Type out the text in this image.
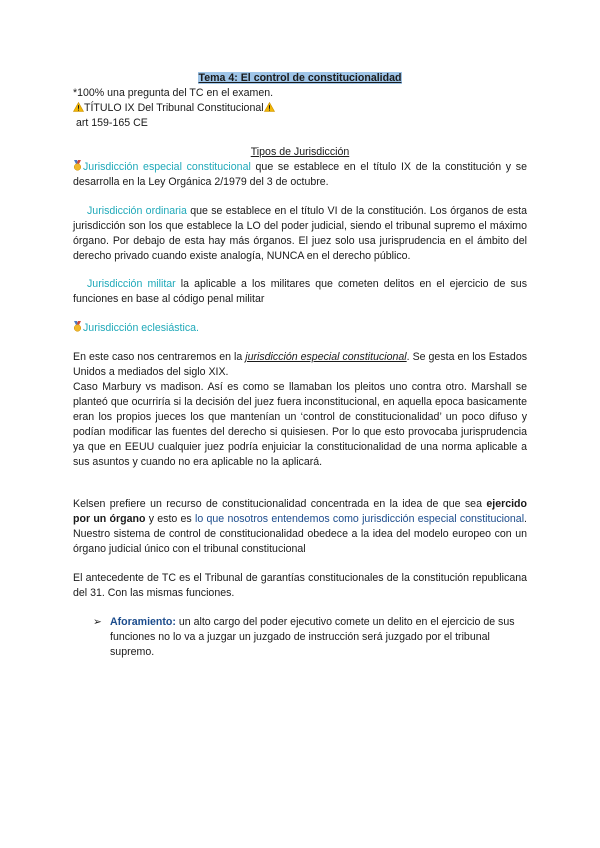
Tema 4: El control de constitucionalidad
*100% una pregunta del TC en el examen.
TÍTULO IX Del Tribunal Constitucional
art 159-165 CE
Tipos de Jurisdicción
Jurisdicción especial constitucional que se establece en el título IX de la constitución y se desarrolla en la Ley Orgánica 2/1979 del 3 de octubre.
Jurisdicción ordinaria que se establece en el título VI de la constitución. Los órganos de esta jurisdicción son los que establece la LO del poder judicial, siendo el tribunal supremo el máximo órgano. Por debajo de esta hay más órganos. El juez solo usa jurisprudencia en el ámbito del derecho privado cuando existe analogía, NUNCA en el derecho público.
Jurisdicción militar la aplicable a los militares que cometen delitos en el ejercicio de sus funciones en base al código penal militar
Jurisdicción eclesiástica.
En este caso nos centraremos en la jurisdicción especial constitucional. Se gesta en los Estados Unidos a mediados del siglo XIX.
Caso Marbury vs madison. Así es como se llamaban los pleitos uno contra otro. Marshall se planteó que ocurriría si la decisión del juez fuera inconstitucional, en aquella epoca basicamente eran los propios jueces los que mantenían un ‘control de constitucionalidad’ un poco difuso y podían modificar las fuentes del derecho si quisiesen. Por lo que esto provocaba jurisprudencia ya que en EEUU cualquier juez podría enjuiciar la constitucionalidad de una norma aplicable a sus asuntos y cuando no era aplicable no la aplicará.
Kelsen prefiere un recurso de constitucionalidad concentrada en la idea de que sea ejercido por un órgano y esto es lo que nosotros entendemos como jurisdicción especial constitucional. Nuestro sistema de control de constitucionalidad obedece a la idea del modelo europeo con un órgano judicial único con el tribunal constitucional
El antecedente de TC es el Tribunal de garantías constitucionales de la constitución republicana del 31. Con las mismas funciones.
➢ Aforamiento: un alto cargo del poder ejecutivo comete un delito en el ejercicio de sus funciones no lo va a juzgar un juzgado de instrucción será juzgado por el tribunal supremo.
